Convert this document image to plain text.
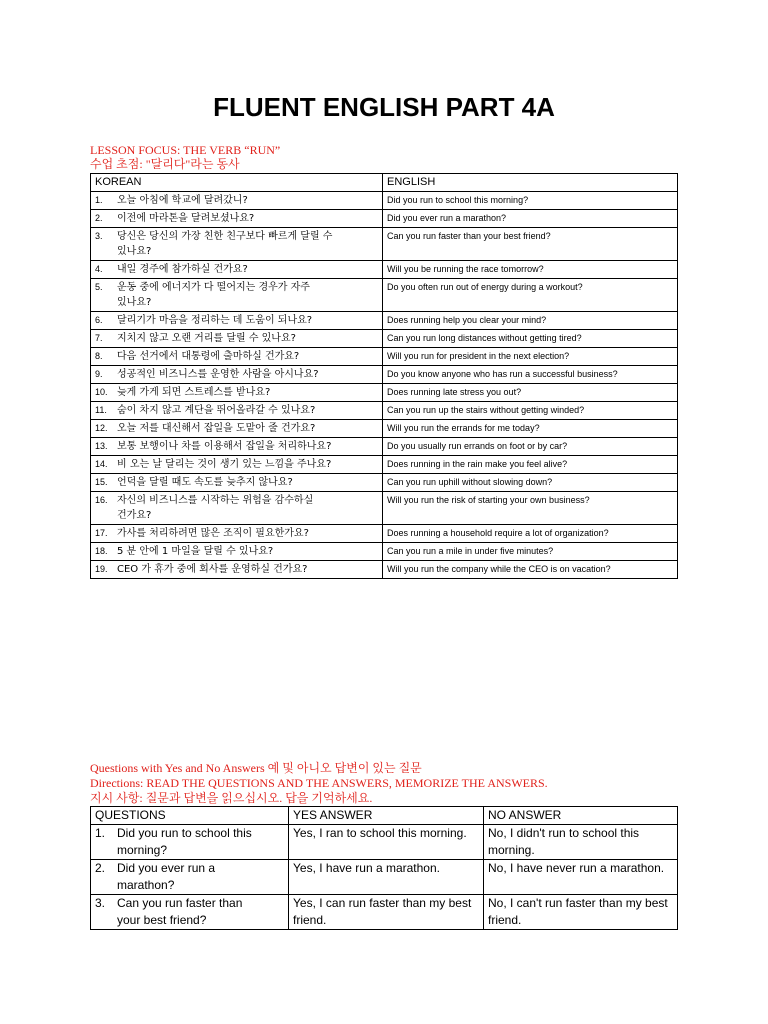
FLUENT ENGLISH PART 4A
LESSON FOCUS: THE VERB “RUN”
수업 초점: "달리다"라는 동사
KOREAN	ENGLISH
1. 오늘 아침에 학교에 달려갔니?	Did you run to school this morning?
2. 이전에 마라톤을 달려보셨나요?	Did you ever run a marathon?
3. 당신은 당신의 가장 친한 친구보다 빠르게 달릴 수
있나요?	Can you run faster than your best friend?
4. 내일 경주에 참가하실 건가요?	Will you be running the race tomorrow?
5. 운동 중에 에너지가 다 떨어지는 경우가 자주
있나요?	Do you often run out of energy during a workout?
6. 달리기가 마음을 정리하는 데 도움이 되나요?	Does running help you clear your mind?
7. 지치지 않고 오랜 거리를 달릴 수 있나요?	Can you run long distances without getting tired?
8. 다음 선거에서 대통령에 출마하실 건가요?	Will you run for president in the next election?
9. 성공적인 비즈니스를 운영한 사람을 아시나요?	Do you know anyone who has run a successful business?
10. 늦게 가게 되면 스트레스를 받나요?	Does running late stress you out?
11. 숨이 차지 않고 계단을 뛰어올라갈 수 있나요?	Can you run up the stairs without getting winded?
12. 오늘 저를 대신해서 잡일을 도맡아 줄 건가요?	Will you run the errands for me today?
13. 보통 보행이나 차를 이용해서 잡일을 처리하나요?	Do you usually run errands on foot or by car?
14. 비 오는 날 달리는 것이 생기 있는 느낌을 주나요?	Does running in the rain make you feel alive?
15. 언덕을 달릴 때도 속도를 늦추지 않나요?	Can you run uphill without slowing down?
16. 자신의 비즈니스를 시작하는 위험을 감수하실
건가요?	Will you run the risk of starting your own business?
17. 가사를 처리하려면 많은 조직이 필요한가요?	Does running a household require a lot of organization?
18. 5 분 안에 1 마일을 달릴 수 있나요?	Can you run a mile in under five minutes?
19. CEO 가 휴가 중에 회사를 운영하실 건가요?	Will you run the company while the CEO is on vacation?
Questions with Yes and No Answers 예 및 아니오 답변이 있는 질문
Directions: READ THE QUESTIONS AND THE ANSWERS, MEMORIZE THE ANSWERS.
지시 사항: 질문과 답변을 읽으십시오. 답을 기억하세요.
QUESTIONS	YES ANSWER	NO ANSWER
1. Did you run to school this
morning?	Yes, I ran to school this morning.	No, I didn't run to school this morning.
2. Did you ever run a
marathon?	Yes, I have run a marathon.	No, I have never run a marathon.
3. Can you run faster than
your best friend?	Yes, I can run faster than my best friend.	No, I can't run faster than my best friend.
